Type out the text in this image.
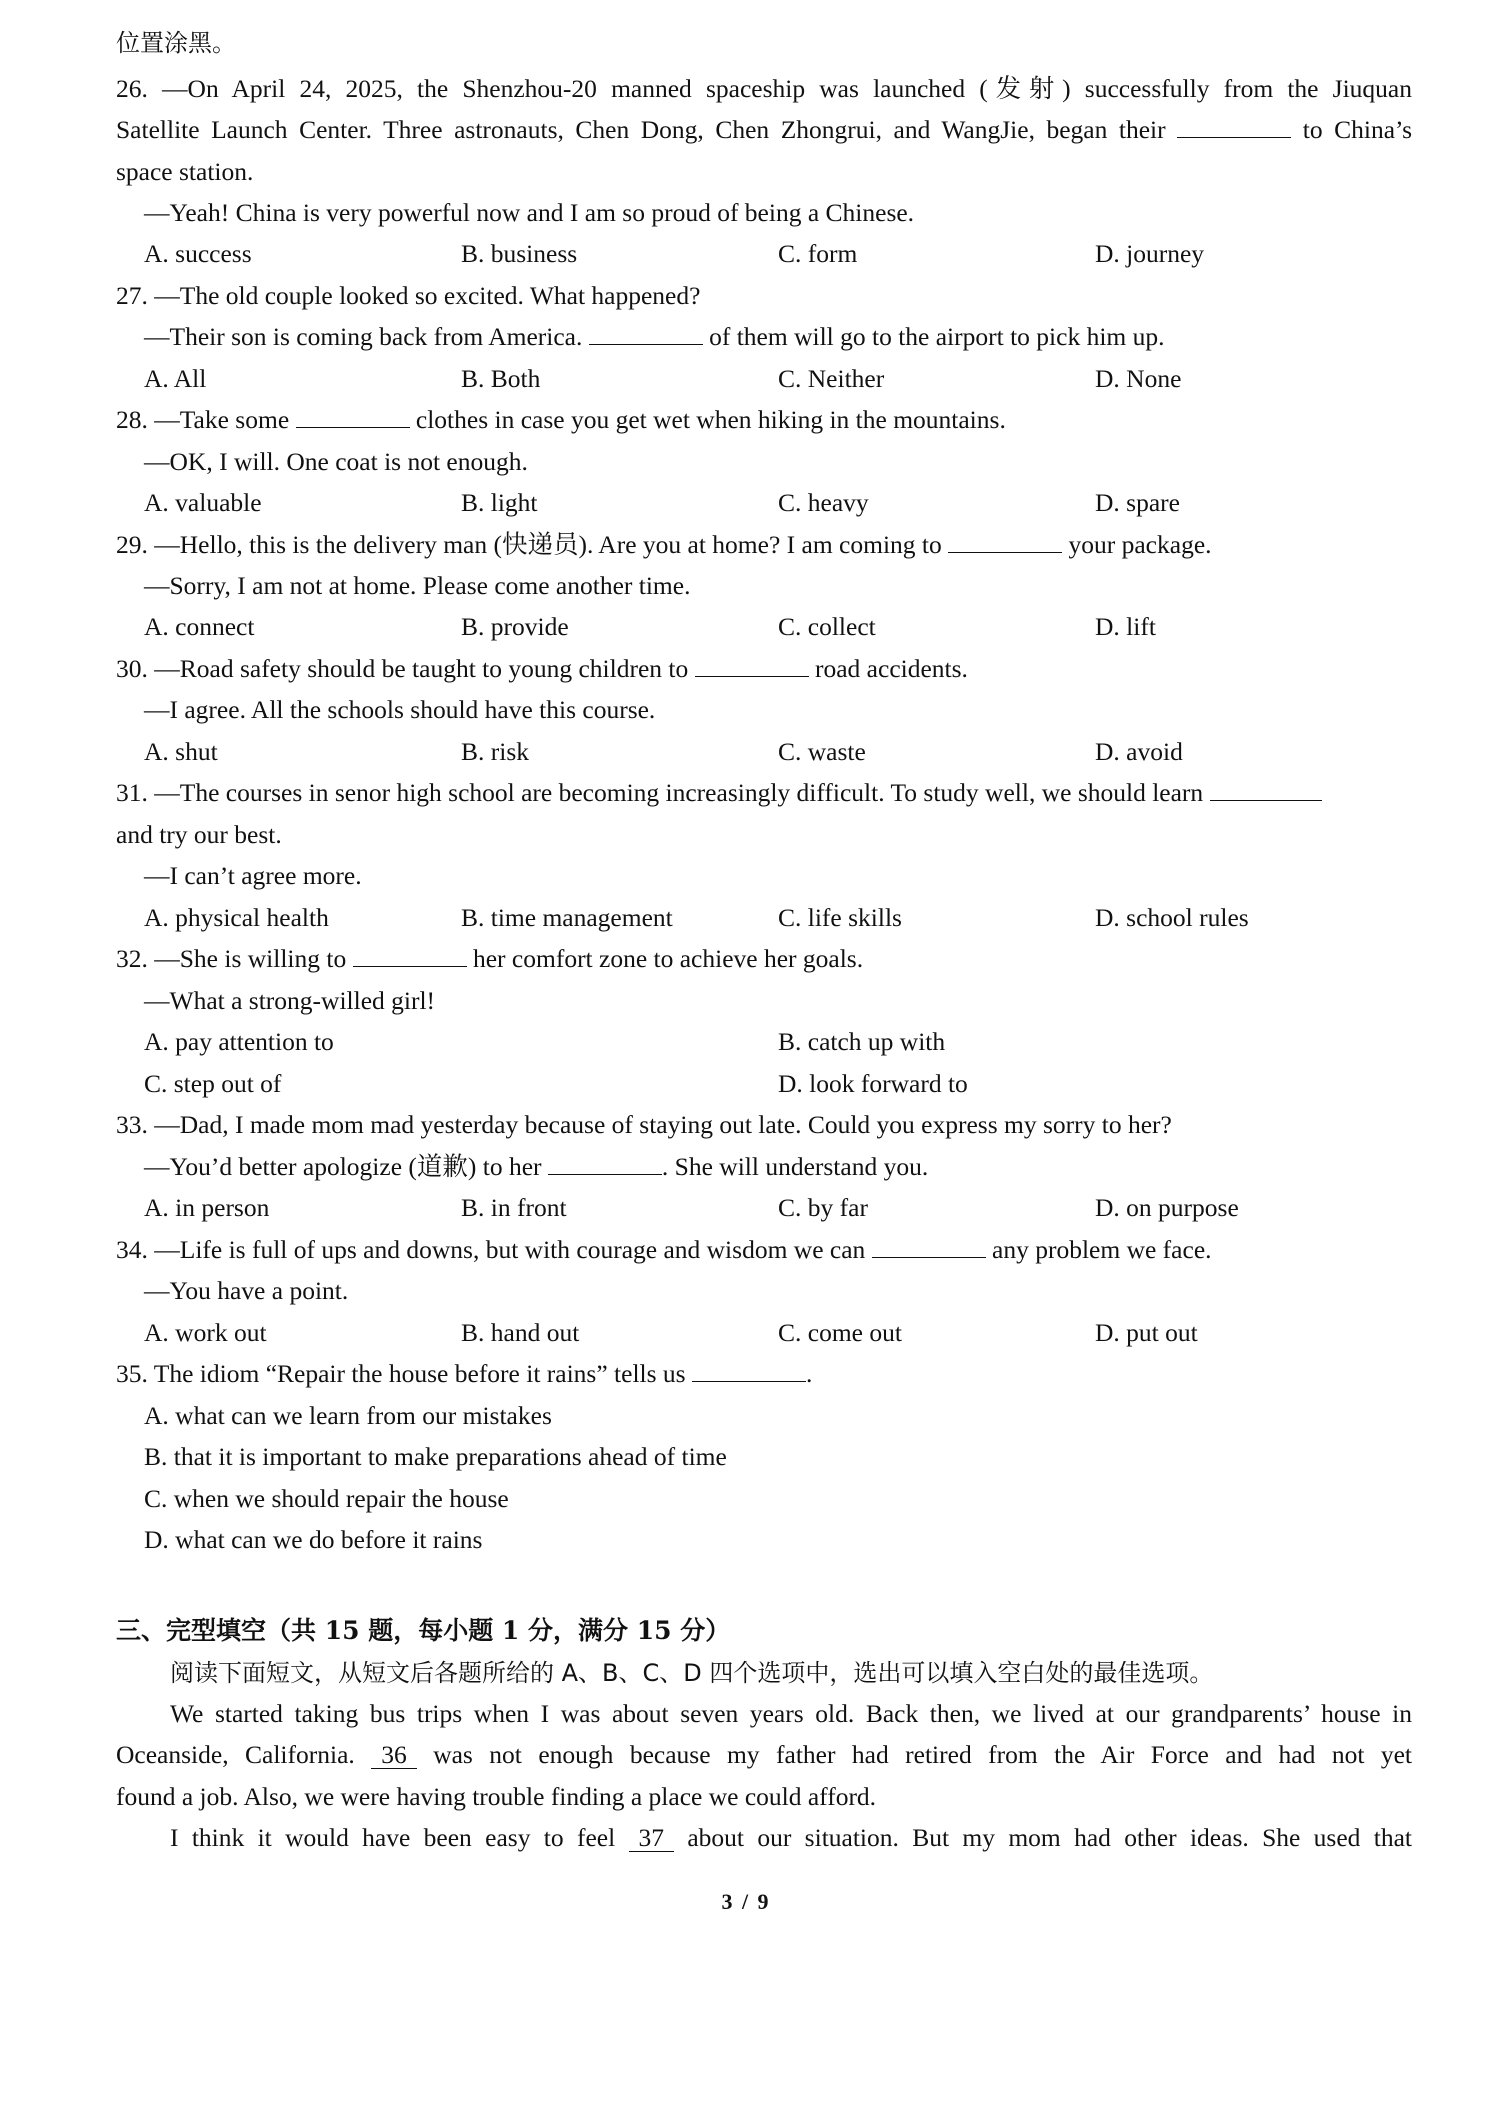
位置涂黑。
26. —On April 24, 2025, the Shenzhou-20 manned spaceship was launched (发射) successfully from the Jiuquan
Satellite Launch Center. Three astronauts, Chen Dong, Chen Zhongrui, and WangJie, began their	to China’s
space station.
—Yeah! China is very powerful now and I am so proud of being a Chinese.
A. success	B. business	C. form	D. journey
27. —The old couple looked so excited. What happened?
—Their son is coming back from America.	of them will go to the airport to pick him up.
A. All	B. Both	C. Neither	D. None
28. —Take some	clothes in case you get wet when hiking in the mountains.
—OK, I will. One coat is not enough.
A. valuable	B. light	C. heavy	D. spare
29. —Hello, this is the delivery man (快递员). Are you at home? I am coming to	your package.
—Sorry, I am not at home. Please come another time.
A. connect	B. provide	C. collect	D. lift
30. —Road safety should be taught to young children to	road accidents.
—I agree. All the schools should have this course.
A. shut	B. risk	C. waste	D. avoid
31. —The courses in senor high school are becoming increasingly difficult. To study well, we should learn
and try our best.
—I can’t agree more.
A. physical health	B. time management	C. life skills	D. school rules
32. —She is willing to	her comfort zone to achieve her goals.
—What a strong-willed girl!
A. pay attention to	B. catch up with
C. step out of	D. look forward to
33. —Dad, I made mom mad yesterday because of staying out late. Could you express my sorry to her?
—You’d better apologize (道歉) to her	. She will understand you.
A. in person	B. in front	C. by far	D. on purpose
34. —Life is full of ups and downs, but with courage and wisdom we can	any problem we face.
—You have a point.
A. work out	B. hand out	C. come out	D. put out
35. The idiom “Repair the house before it rains” tells us	.
A. what can we learn from our mistakes
B. that it is important to make preparations ahead of time
C. when we should repair the house
D. what can we do before it rains
三、完型填空（共 15 题，每小题 1 分，满分 15 分）
阅读下面短文，从短文后各题所给的 A、B、C、D 四个选项中，选出可以填入空白处的最佳选项。
We started taking bus trips when I was about seven years old. Back then, we lived at our grandparents’ house in
Oceanside, California. 36 was not enough because my father had retired from the Air Force and had not yet
found a job. Also, we were having trouble finding a place we could afford.
I think it would have been easy to feel 37 about our situation. But my mom had other ideas. She used that
3 / 9
